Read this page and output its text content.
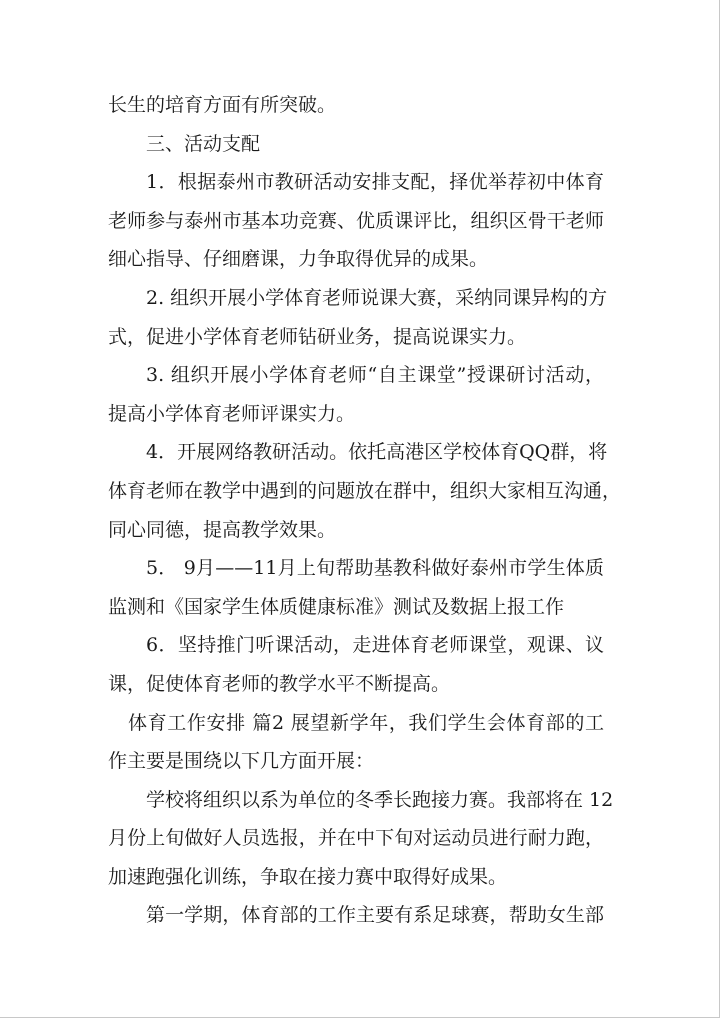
长生的培育方面有所突破。
三、活动支配
1．根据泰州市教研活动安排支配，择优举荐初中体育
老师参与泰州市基本功竞赛、优质课评比，组织区骨干老师
细心指导、仔细磨课，力争取得优异的成果。
2. 组织开展小学体育老师说课大赛，采纳同课异构的方
式，促进小学体育老师钻研业务，提高说课实力。
3. 组织开展小学体育老师“自主课堂”授课研讨活动，
提高小学体育老师评课实力。
4．开展网络教研活动。依托高港区学校体育QQ群，将
体育老师在教学中遇到的问题放在群中，组织大家相互沟通，
同心同德，提高教学效果。
5． 9月——11月上旬帮助基教科做好泰州市学生体质
监测和《国家学生体质健康标准》测试及数据上报工作
6．坚持推门听课活动，走进体育老师课堂，观课、议
课，促使体育老师的教学水平不断提高。
体育工作安排 篇2 展望新学年，我们学生会体育部的工
作主要是围绕以下几方面开展：
学校将组织以系为单位的冬季长跑接力赛。我部将在 12
月份上旬做好人员选报，并在中下旬对运动员进行耐力跑，
加速跑强化训练，争取在接力赛中取得好成果。
第一学期，体育部的工作主要有系足球赛，帮助女生部
